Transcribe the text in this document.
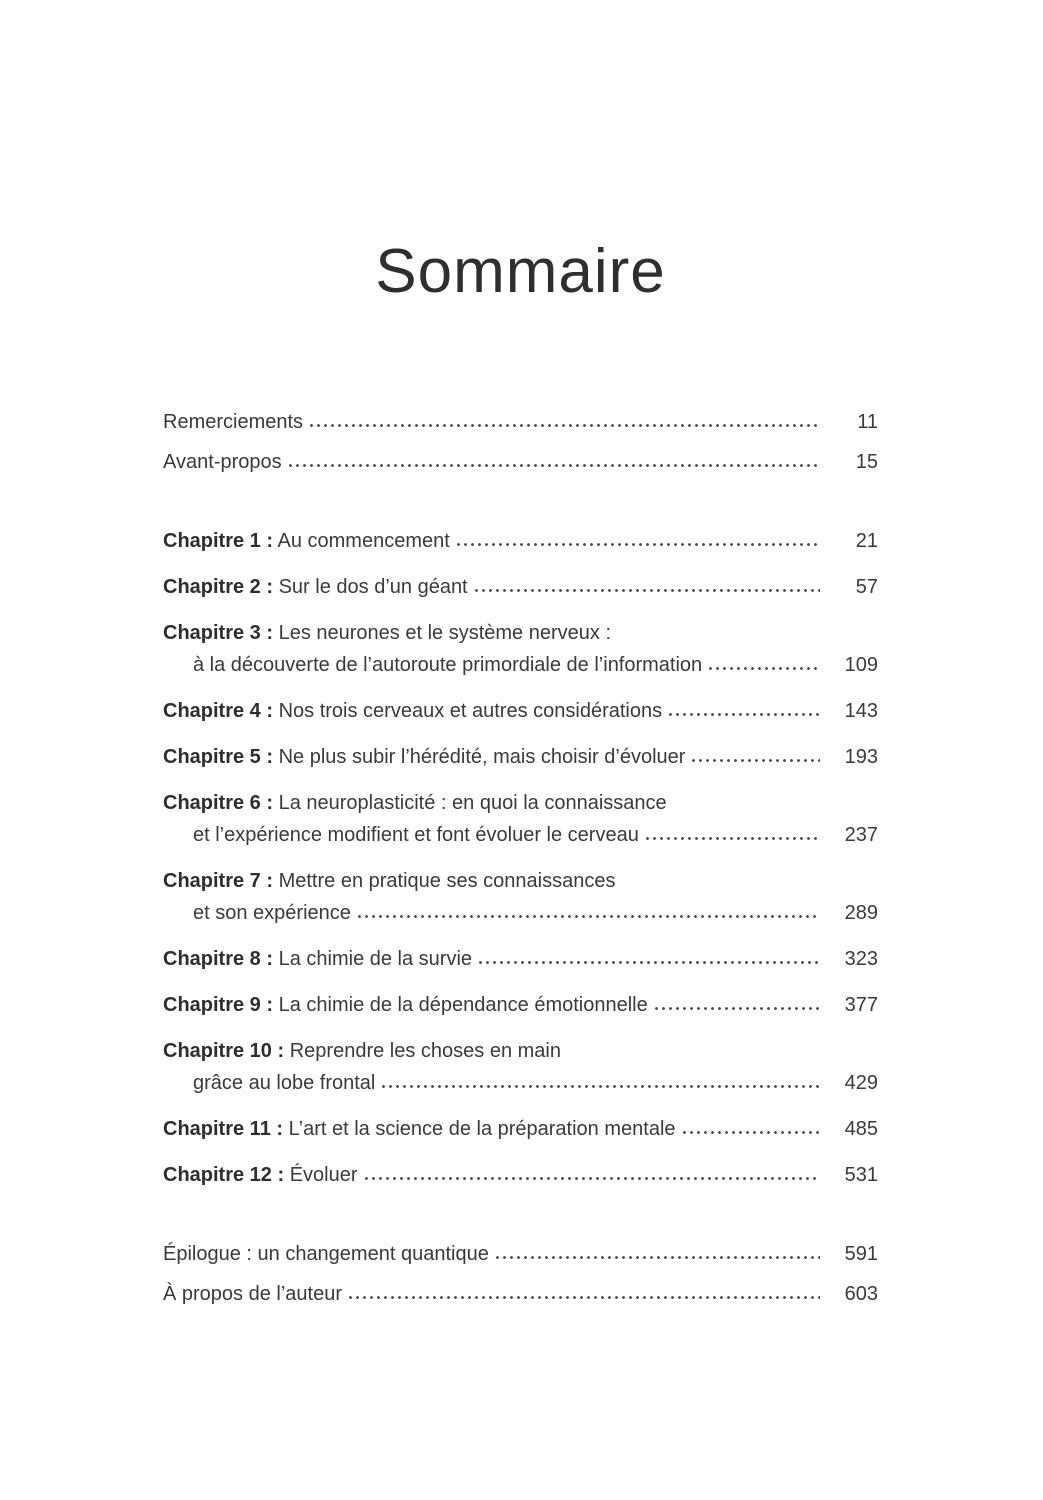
Sommaire
Remerciements	11
Avant-propos	15
Chapitre 1 : Au commencement	21
Chapitre 2 : Sur le dos d’un géant	57
Chapitre 3 : Les neurones et le système nerveux :
à la découverte de l’autoroute primordiale de l’information	109
Chapitre 4 : Nos trois cerveaux et autres considérations	143
Chapitre 5 : Ne plus subir l’hérédité, mais choisir d’évoluer	193
Chapitre 6 : La neuroplasticité : en quoi la connaissance
et l’expérience modifient et font évoluer le cerveau	237
Chapitre 7 : Mettre en pratique ses connaissances
et son expérience	289
Chapitre 8 : La chimie de la survie	323
Chapitre 9 : La chimie de la dépendance émotionnelle	377
Chapitre 10 : Reprendre les choses en main
grâce au lobe frontal	429
Chapitre 11 : L’art et la science de la préparation mentale	485
Chapitre 12 : Évoluer	531
Épilogue : un changement quantique	591
À propos de l’auteur	603
